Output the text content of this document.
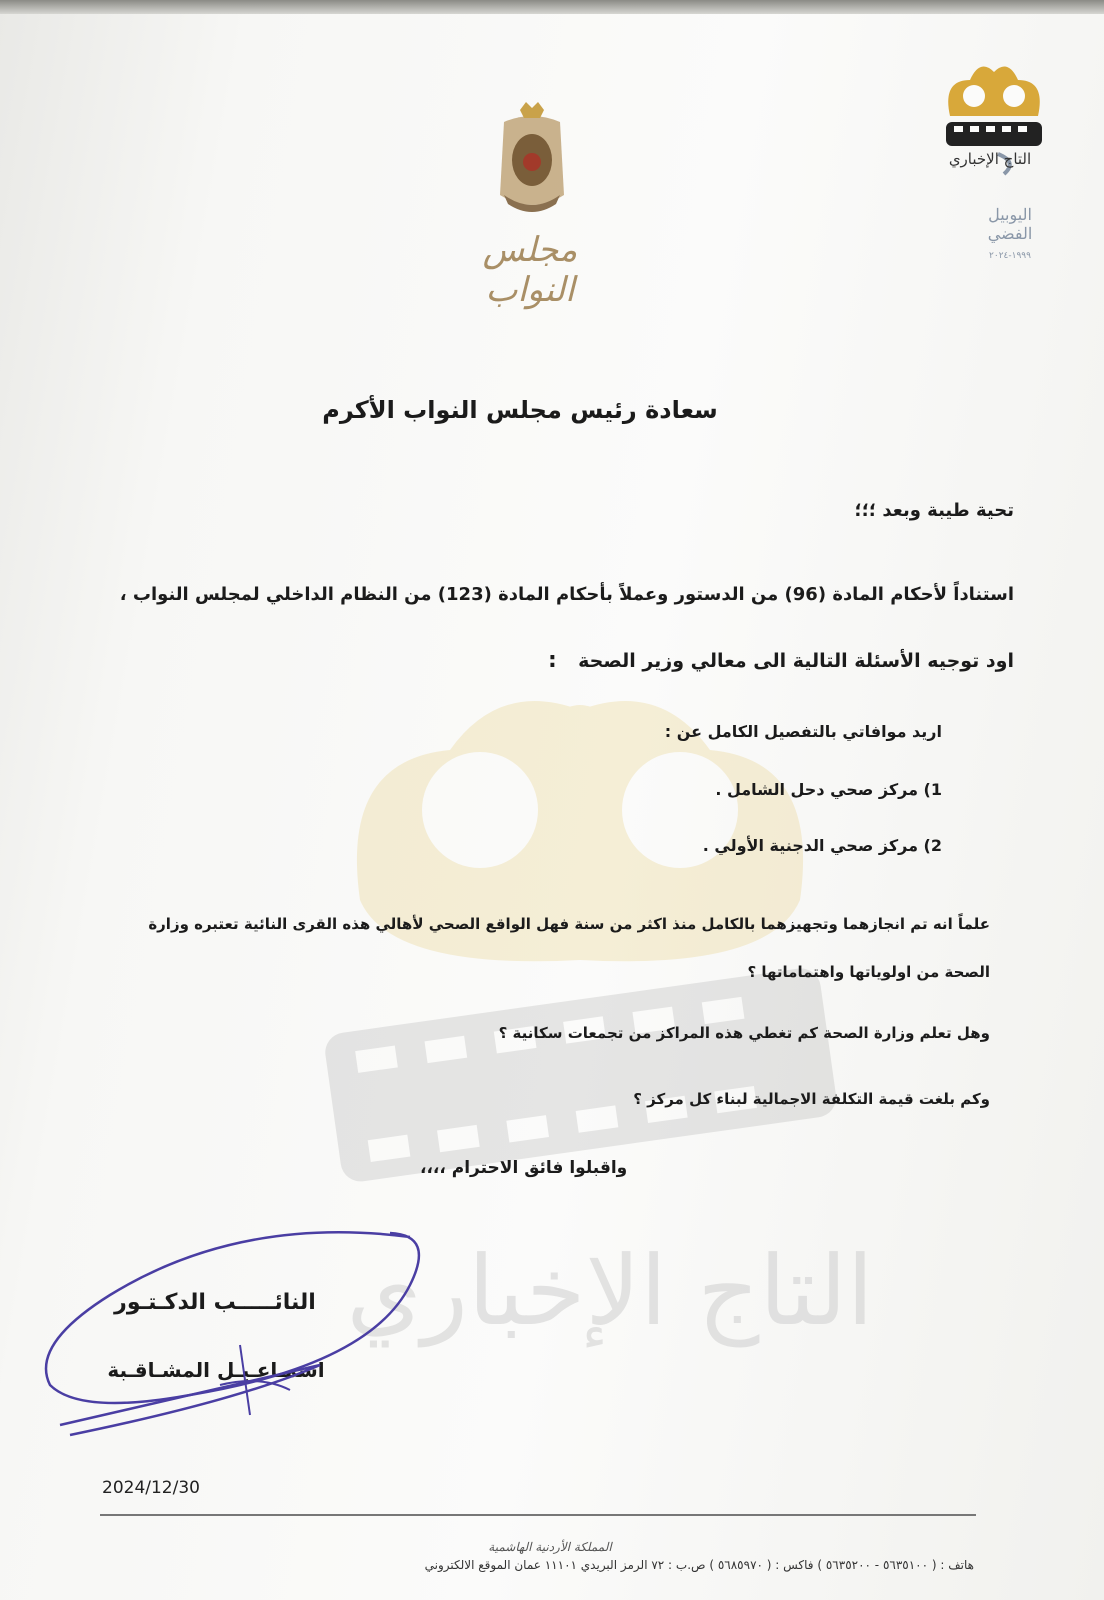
التاج الإخباري
مجلس النواب
التاج الإخباري
اليوبيل الفضي
١٩٩٩-٢٠٢٤
سعادة رئيس مجلس النواب الأكرم
تحية طيبة وبعد ؛؛؛
استناداً لأحكام المادة (96) من الدستور وعملاً بأحكام المادة (123) من النظام الداخلي لمجلس النواب ،
اود توجيه الأسئلة التالية الى معالي وزير الصحة
:
اريد موافاتي بالتفصيل الكامل عن :
1) مركز صحي دحل الشامل .
2) مركز صحي الدجنية الأولي .
علماً انه تم انجازهما وتجهيزهما بالكامل منذ اكثر من سنة فهل الواقع الصحي لأهالي هذه القرى النائية تعتبره وزارة الصحة من اولوياتها واهتماماتها ؟
وهل تعلم وزارة الصحة كم تغطي هذه المراكز من تجمعات سكانية ؟
وكم بلغت قيمة التكلفة الاجمالية لبناء كل مركز ؟
واقبلوا فائق الاحترام ،،،،
النائـــــب الدكـتـور
اسمـاعـيـل المشـاقـبة
2024/12/30
المملكة الأردنية الهاشمية
هاتف : ( ٥٦٣٥١٠٠ - ٥٦٣٥٢٠٠ ) فاكس : ( ٥٦٨٥٩٧٠ ) ص.ب : ٧٢ الرمز البريدي ١١١٠١ عمان الموقع الالكتروني
